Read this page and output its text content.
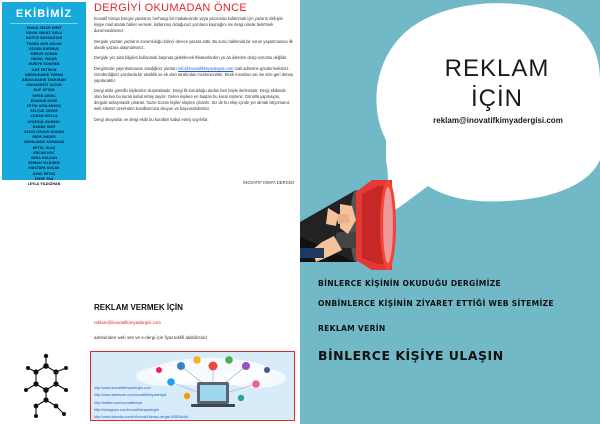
EKİBİMİZ
YAVUZ SELİM EMET
HÜLYA YAVUZ OĞLU
HATİCE BAYRAKTAR
TUĞBA NUR ASLAN
ÖZGEN DURMUŞ
MERVE ÇOBAN
HAZAL YAKAR
HURİYE GÖKMEN
İLKE ERTEKİN
ABDÜLKADİR TURAN
ABDÜLKADİR TAŞKIRAN
MUHAMMET ALTUN
ELİF AYTAN
ÖMER ARDIÇ
EDANUR KÖSE
FETHİ ARSLANKOÇ
SELÇUK ÇEKER
CANAN MOLLA
AYŞEGÜL KANBUL
HANDE İNCE
SALİH ÖZGÜR DOĞAN
İREM ÖNDER
ABDÜLBAKİ KARAKAŞ
BETÜL ULAŞ
ERCAN KOÇ
SEDA KALKAN
EMRAH YILDIRIM
MUSTAFA KOÇAK
İLYAS ERTAŞ
EMRE TAŞ
LEYLA YILDIZHAN
DERGİYİ OKUMADAN ÖNCE

İnovatif Kimya Dergisi yazılarını herhangi bir makalesinde veya yazısında kullanmak için yazarın ekibiyle kişiye mail atarak haber vermek, kullanmış olduğunuz yazıların kaynağını ise dergi olarak belirtmek durumundasınız.

Dergide yazılan yazıların sorumluluğu birinci derece yazara aittir. Bu konu hakkında bir sorun yaşanmasına ilk olarak yazara ulaşmalısınız.

Dergide yer alan bilgileri kullanmak başında geleblecek hikakerlerden ya da işlerden dergi sorumlu değildir.

Dergimizde yayınlanmasını istediğiniz yazıları info@inovatifkimyadergisi.com mail adresine göndermelisiniz. Gönderdiğiniz yazılarda bir eksiklik ve ek olan tarafından incelenecektir. Eksik kısımları var ise size geri dönüş yapılacaktır.

Dergi ekibi gönüllü kişilerden oluşmaktadır. Dergi ilk kurulduğu andan beri böyle ilerlemiştir. Dergi ekibinde olan herkes bu kuralı kabul etmiş sayılır. Gelen kişilere en baştan bu kural söylenir. Gönüllü yapmayan, dergide anlaşmadık çıkaran, huzur bozan kişiler ekipten çıkarılır. Siz de bu ekip içinde yer almak istiyorsanız web sitemiz üzerinden kurallarımıza okuyun ve başvurabilirsiniz.

Dergi okuyanlar ve dergi ekibi bu kuralları kabul etmiş sayılırlar.

İNOVATİF KİMYA DERGİSİ
REKLAM VERMEK İÇİN
reklam@inovatifkimyadergisi.com
adresinden web site ve e-dergi için fiyat teklifi alabilirsiniz.
http://www.inovatifkimyadergisi.com
http://www.facebook.com/inovatifkimyadergisi
http://twitter.com/inovatifkimya
http://instagram.com/inovatifkimyadergisi
http://www.linkedin.com/in/inovatif-kimya-dergisi-00826a9a/
REKLAM
İÇİN
reklam@inovatifkimyadergisi.com
BİNLERCE KİŞİNİN OKUDUĞU DERGİMİZE
ONBİNLERCE KİŞİNİN ZİYARET ETTİĞİ WEB SİTEMİZE
REKLAM VERİN
BİNLERCE KİŞİYE ULAŞIN
